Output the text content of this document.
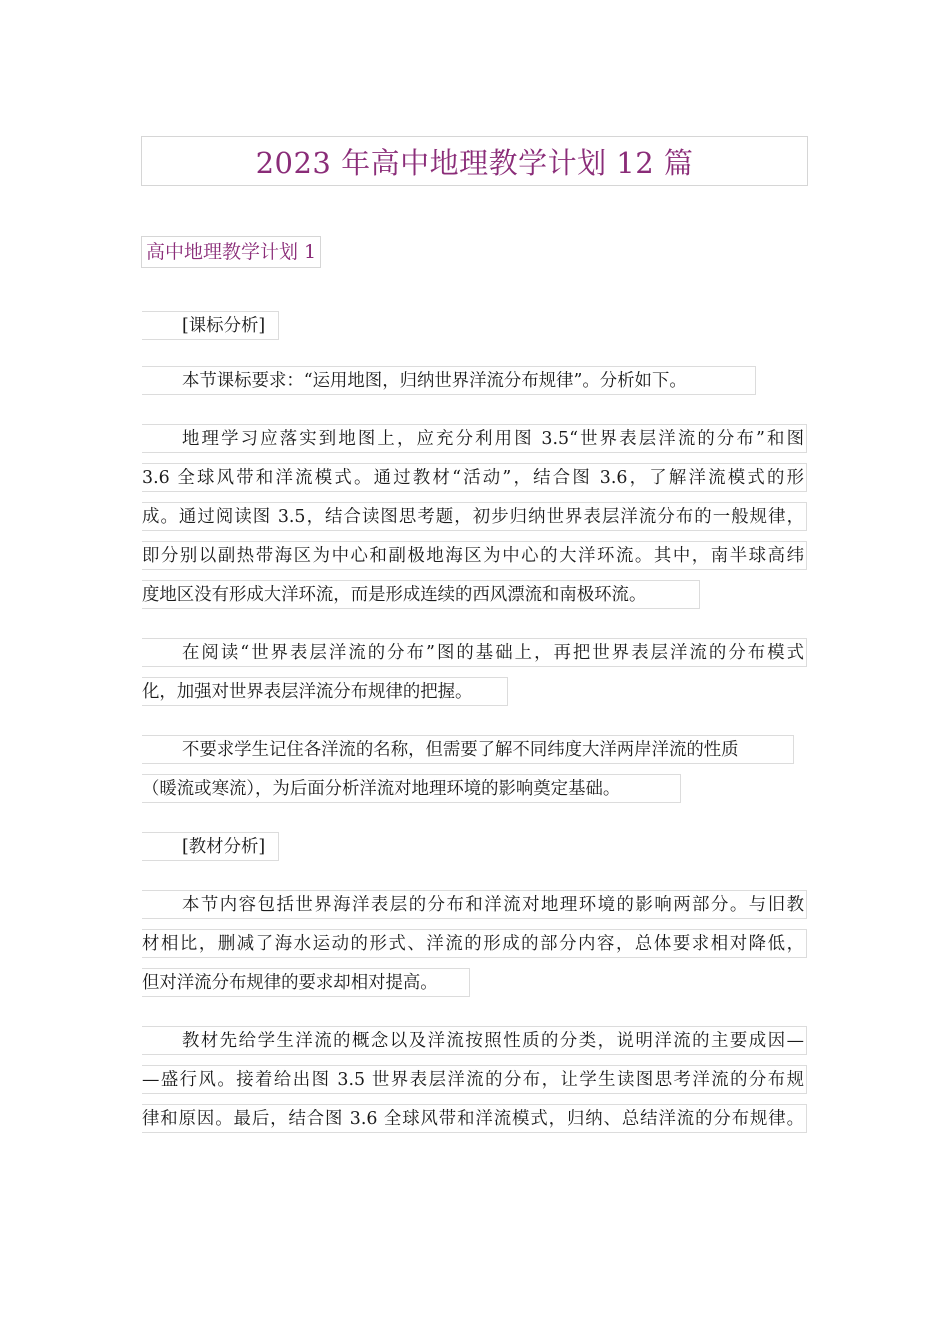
2023 年高中地理教学计划 12 篇
高中地理教学计划 1
[课标分析]
本节课标要求：“运用地图，归纳世界洋流分布规律”。分析如下。
地理学习应落实到地图上，应充分利用图 3.5“世界表层洋流的分布”和图
3.6 全球风带和洋流模式。通过教材“活动”，结合图 3.6，了解洋流模式的形
成。通过阅读图 3.5，结合读图思考题，初步归纳世界表层洋流分布的一般规律，
即分别以副热带海区为中心和副极地海区为中心的大洋环流。其中，南半球高纬
度地区没有形成大洋环流，而是形成连续的西风漂流和南极环流。
在阅读“世界表层洋流的分布”图的基础上，再把世界表层洋流的分布模式
化，加强对世界表层洋流分布规律的把握。
不要求学生记住各洋流的名称，但需要了解不同纬度大洋两岸洋流的性质
（暖流或寒流），为后面分析洋流对地理环境的影响奠定基础。
[教材分析]
本节内容包括世界海洋表层的分布和洋流对地理环境的影响两部分。与旧教
材相比，删减了海水运动的形式、洋流的形成的部分内容，总体要求相对降低，
但对洋流分布规律的要求却相对提高。
教材先给学生洋流的概念以及洋流按照性质的分类，说明洋流的主要成因—
—盛行风。接着给出图 3.5 世界表层洋流的分布，让学生读图思考洋流的分布规
律和原因。最后，结合图 3.6 全球风带和洋流模式，归纳、总结洋流的分布规律。
